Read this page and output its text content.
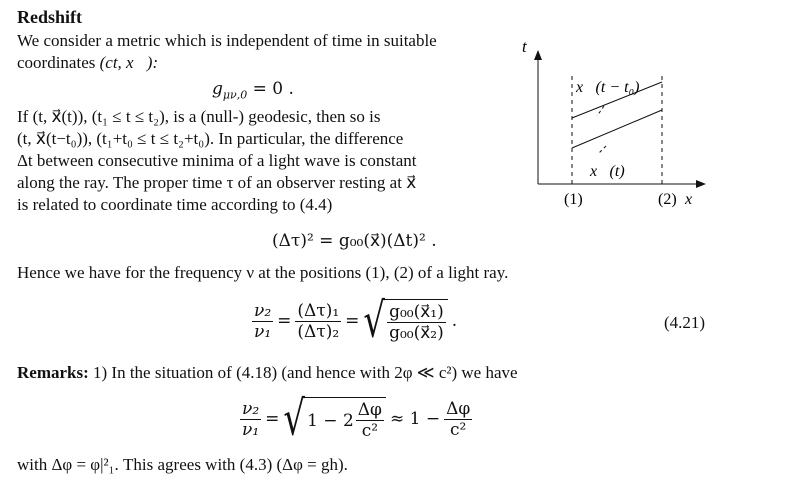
Redshift
We consider a metric which is independent of time in suitable
coordinates (ct, x⃗):
$g_{\mu\nu,0} = 0$ .
If (t, x⃗(t)), (t₁ ≤ t ≤ t₂), is a (null-) geodesic, then so is
(t, x⃗(t−t₀)), (t₁+t₀ ≤ t ≤ t₂+t₀). In particular, the difference
Δt between consecutive minima of a light wave is constant
along the ray. The proper time τ of an observer resting at x⃗
is related to coordinate time according to (4.4)
t
x⃗(t − t₀)
x⃗(t)
(1)	(2) x⃗
(Δτ)² = g₀₀(x⃗)(Δt)² .
Hence we have for the frequency ν at the positions (1), (2) of a light ray.
$\frac{\text{ν₂}}{\text{ν₁}} = \frac{\text{(Δτ)₁}}{\text{(Δτ)₂}}$ = √ $\frac{\text{g₀₀(x⃗₁)}}{\text{g₀₀(x⃗₂)}}$ .	(4.21)
Remarks: 1) In the situation of (4.18) (and hence with 2φ ≪ c²) we have
$\frac{\text{ν₂}}{\text{ν₁}}$ = √ $1 - 2 \frac{\Delta\varphi}{\text{c²}} \approx 1 - \frac{\Delta\varphi}{\text{c²}}$
with Δφ = φ|²₁. This agrees with (4.3) (Δφ = gh).
